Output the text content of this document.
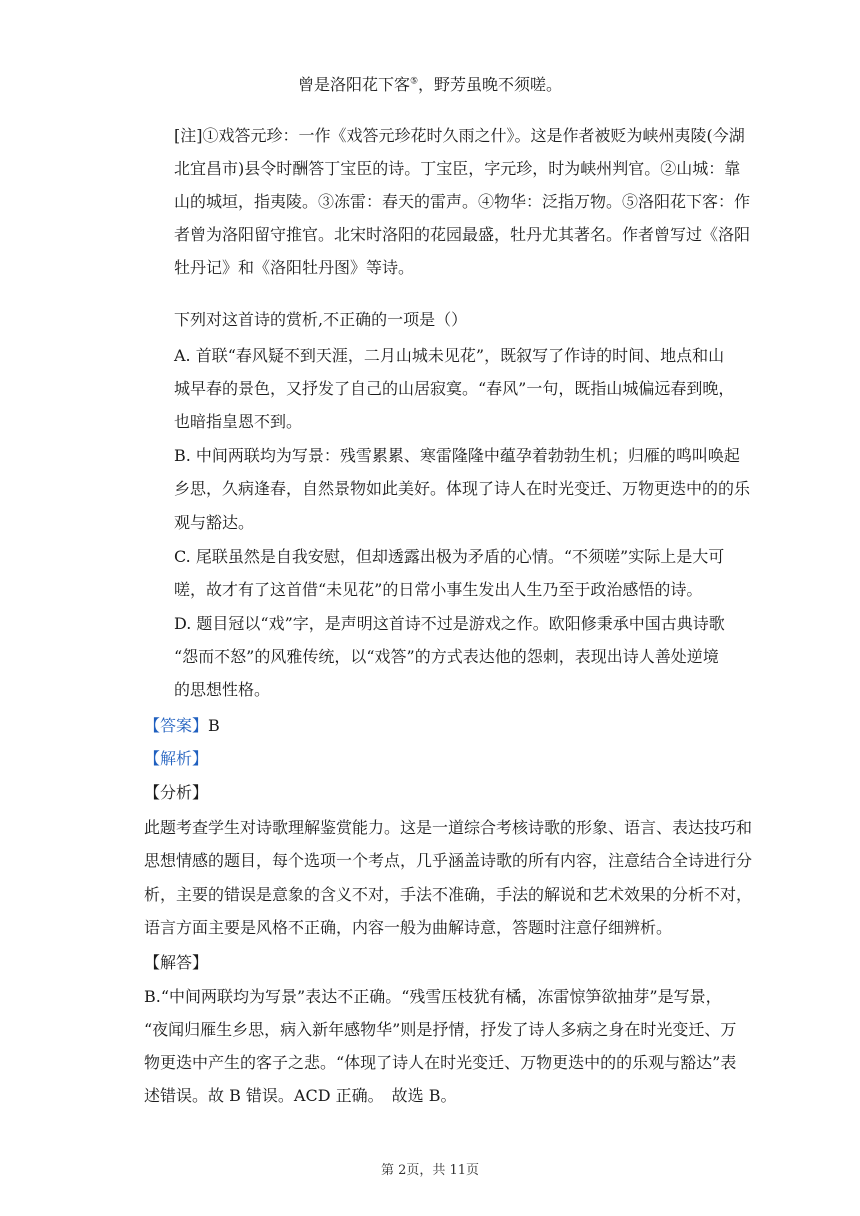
曾是洛阳花下客⑤，野芳虽晚不须嗟。
[注]①戏答元珍：一作《戏答元珍花时久雨之什》。这是作者被贬为峡州夷陵(今湖
北宜昌市)县令时酬答丁宝臣的诗。丁宝臣，字元珍，时为峡州判官。②山城：靠
山的城垣，指夷陵。③冻雷：春天的雷声。④物华：泛指万物。⑤洛阳花下客：作
者曾为洛阳留守推官。北宋时洛阳的花园最盛，牡丹尤其著名。作者曾写过《洛阳
牡丹记》和《洛阳牡丹图》等诗。
下列对这首诗的赏析,不正确的一项是（）
A. 首联“春风疑不到天涯，二月山城未见花”，既叙写了作诗的时间、地点和山
城早春的景色，又抒发了自己的山居寂寞。“春风”一句，既指山城偏远春到晚，
也暗指皇恩不到。
B. 中间两联均为写景：残雪累累、寒雷隆隆中蕴孕着勃勃生机；归雁的鸣叫唤起
乡思，久病逢春，自然景物如此美好。体现了诗人在时光变迁、万物更迭中的的乐
观与豁达。
C. 尾联虽然是自我安慰，但却透露出极为矛盾的心情。“不须嗟”实际上是大可
嗟，故才有了这首借“未见花”的日常小事生发出人生乃至于政治感悟的诗。
D. 题目冠以“戏”字，是声明这首诗不过是游戏之作。欧阳修秉承中国古典诗歌
“怨而不怒”的风雅传统，以“戏答”的方式表达他的怨刺，表现出诗人善处逆境
的思想性格。
【答案】B
【解析】
【分析】
此题考查学生对诗歌理解鉴赏能力。这是一道综合考核诗歌的形象、语言、表达技巧和
思想情感的题目，每个选项一个考点，几乎涵盖诗歌的所有内容，注意结合全诗进行分
析，主要的错误是意象的含义不对，手法不准确，手法的解说和艺术效果的分析不对，
语言方面主要是风格不正确，内容一般为曲解诗意，答题时注意仔细辨析。
【解答】
B.“中间两联均为写景”表达不正确。“残雪压枝犹有橘，冻雷惊笋欲抽芽”是写景，
“夜闻归雁生乡思，病入新年感物华”则是抒情，抒发了诗人多病之身在时光变迁、万
物更迭中产生的客子之悲。“体现了诗人在时光变迁、万物更迭中的的乐观与豁达”表
述错误。故 B 错误。ACD 正确。　故选 B。
第 2页，共 11页
